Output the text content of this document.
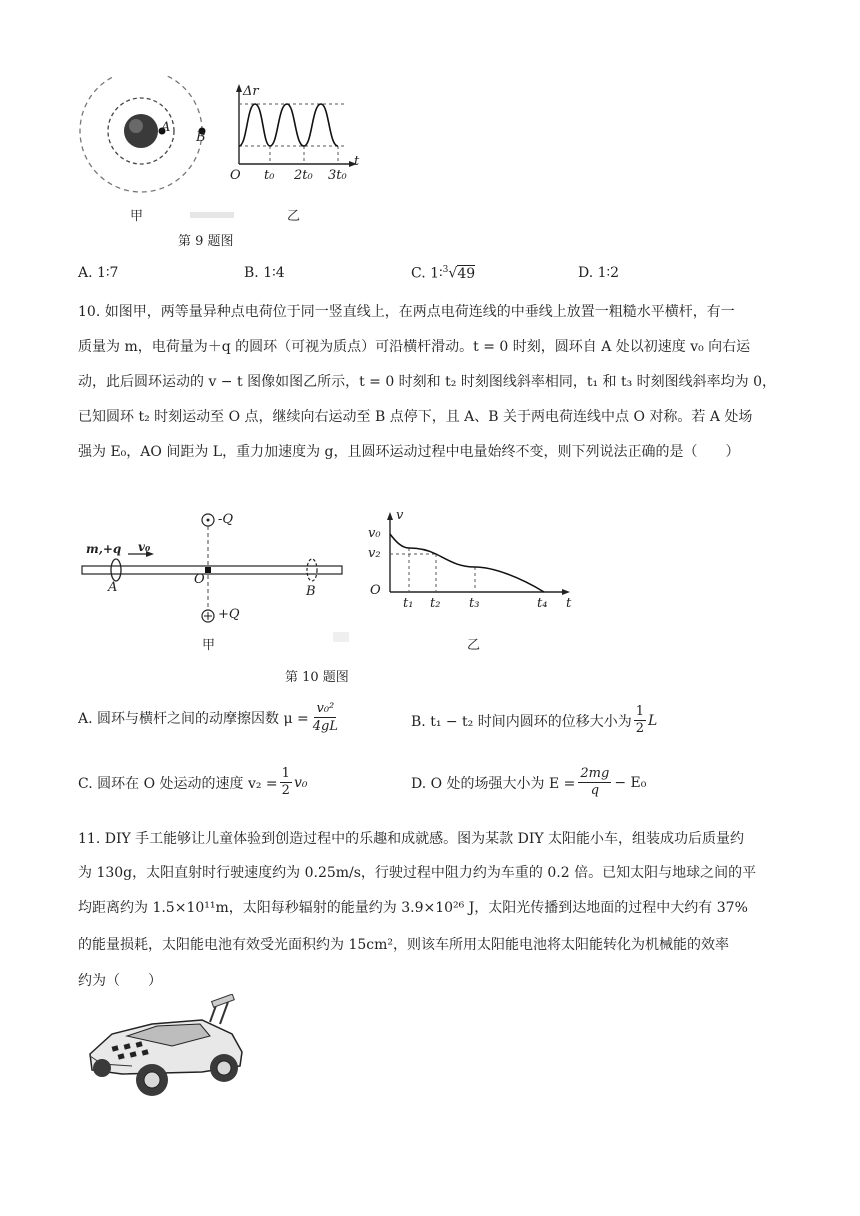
A
B
Δr
t
O t₀ 2t₀ 3t₀
甲	乙
第 9 题图
A. 1∶7	B. 1∶4	C. 1∶$^3$√49	D. 1∶2
10. 如图甲，两等量异种点电荷位于同一竖直线上，在两点电荷连线的中垂线上放置一粗糙水平横杆，有一
质量为 m，电荷量为＋q 的圆环（可视为质点）可沿横杆滑动。t = 0 时刻，圆环自 A 处以初速度 v₀ 向右运
动，此后圆环运动的 v − t 图像如图乙所示，t = 0 时刻和 t₂ 时刻图线斜率相同，t₁ 和 t₃ 时刻图线斜率均为 0，
已知圆环 t₂ 时刻运动至 O 点，继续向右运动至 B 点停下，且 A、B 关于两电荷连线中点 O 对称。若 A 处场
强为 E₀，AO 间距为 L，重力加速度为 g，且圆环运动过程中电量始终不变，则下列说法正确的是（　　）
-Q
+Q
m,+q v₀
A
O
B
甲
v
v₀
v₂
O
t₁ t₂ t₃	t₄ t
乙
第 10 题图
A. 圆环与横杆之间的动摩擦因数 $\mu = \frac{\text{v₀²}}{4gL}$	B. t₁ − t₂ 时间内圆环的位移大小为 $\frac{1}{2}$ L
C. 圆环在 O 处运动的速度 $v_2 = \frac{1}{2} v_0$	D. O 处的场强大小为 $E = \frac{2mg}{q} - E_0$
11. DIY 手工能够让儿童体验到创造过程中的乐趣和成就感。图为某款 DIY 太阳能小车，组装成功后质量约
为 130g，太阳直射时行驶速度约为 0.25m/s，行驶过程中阻力约为车重的 0.2 倍。已知太阳与地球之间的平
均距离约为 1.5×10¹¹m，太阳每秒辐射的能量约为 3.9×10²⁶ J，太阳光传播到达地面的过程中大约有 37%
的能量损耗，太阳能电池有效受光面积约为 15cm²，则该车所用太阳能电池将太阳能转化为机械能的效率
约为（　　）
